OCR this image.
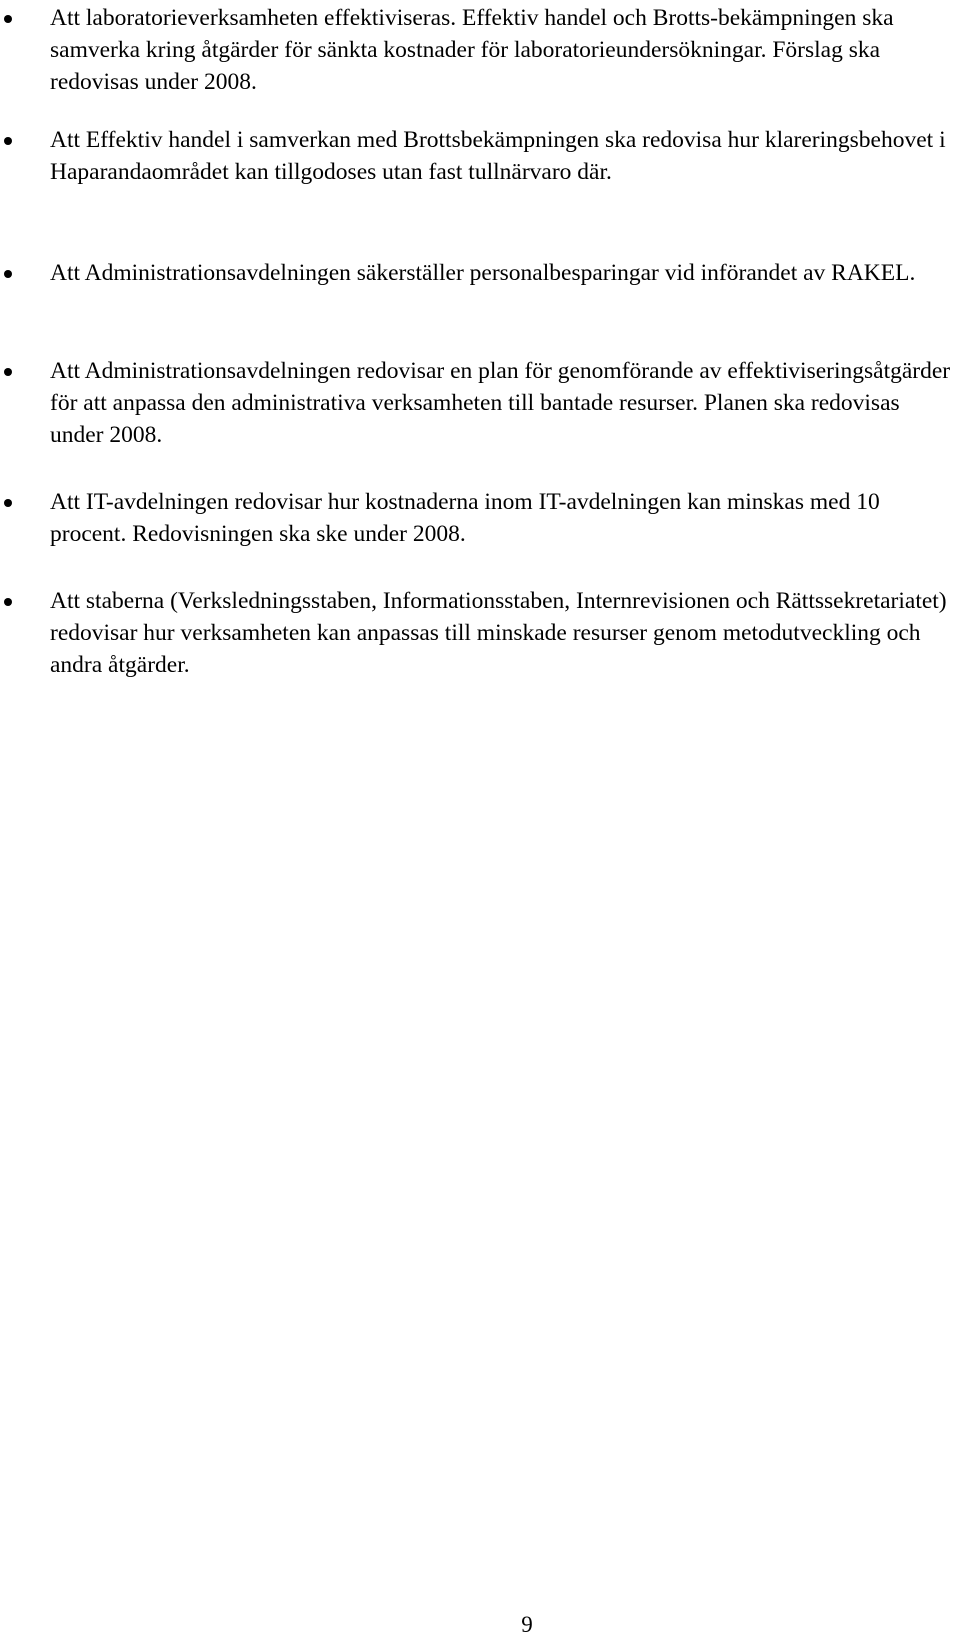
Att laboratorieverksamheten effektiviseras. Effektiv handel och Brotts-bekämpningen ska samverka kring åtgärder för sänkta kostnader för laboratorieundersökningar. Förslag ska redovisas under 2008.
Att Effektiv handel i samverkan med Brottsbekämpningen ska redovisa hur klareringsbehovet i Haparandaområdet kan tillgodoses utan fast tullnärvaro där.
Att Administrationsavdelningen säkerställer personalbesparingar vid införandet av RAKEL.
Att Administrationsavdelningen redovisar en plan för genomförande av effektiviseringsåtgärder för att anpassa den administrativa verksamheten till bantade resurser. Planen ska redovisas under 2008.
Att IT-avdelningen redovisar hur kostnaderna inom IT-avdelningen kan minskas med 10 procent. Redovisningen ska ske under 2008.
Att staberna (Verksledningsstaben, Informationsstaben, Internrevisionen och Rättssekretariatet) redovisar hur verksamheten kan anpassas till minskade resurser genom metodutveckling och andra åtgärder.
9
